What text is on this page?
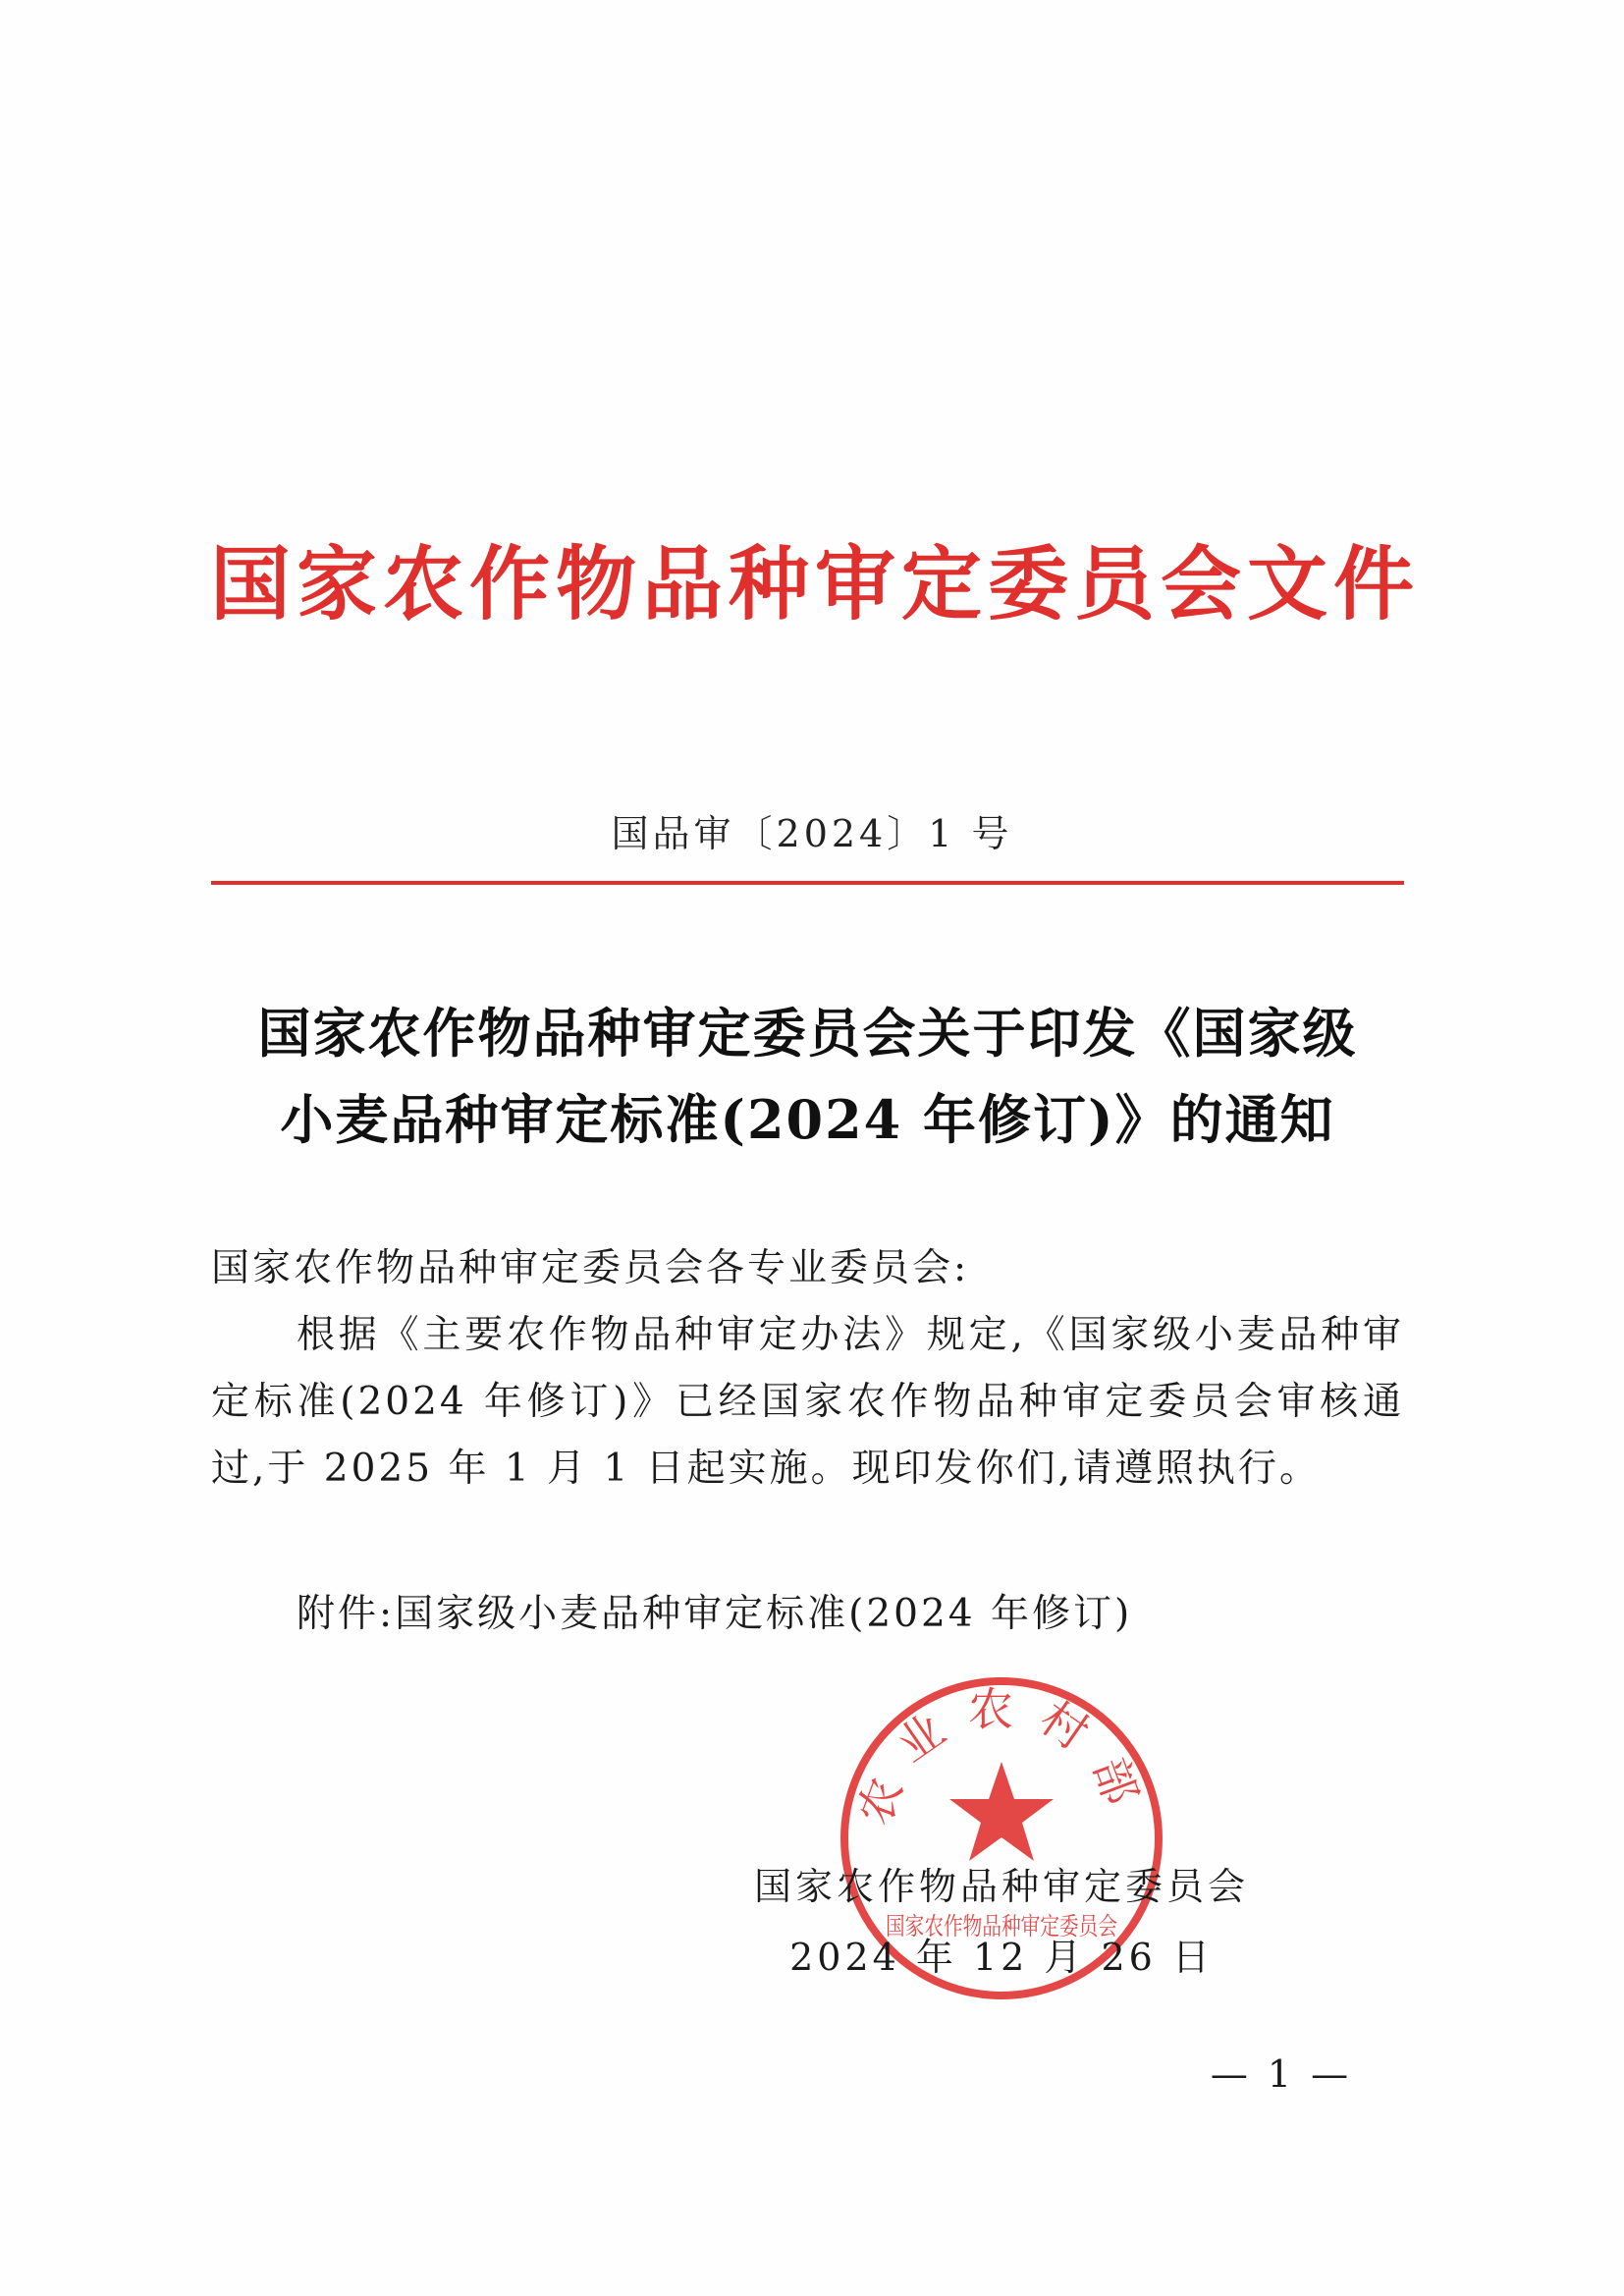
国家农作物品种审定委员会文件
国品审〔2024〕1 号
国家农作物品种审定委员会关于印发《国家级
小麦品种审定标准(2024 年修订)》的通知
国家农作物品种审定委员会各专业委员会:
根据《主要农作物品种审定办法》规定,《国家级小麦品种审定标准(2024 年修订)》已经国家农作物品种审定委员会审核通过,于 2025 年 1 月 1 日起实施。现印发你们,请遵照执行。
附件:国家级小麦品种审定标准(2024 年修订)
农业农村部
国家农作物品种审定委员会
国家农作物品种审定委员会
2024 年 12 月 26 日
— 1 —
